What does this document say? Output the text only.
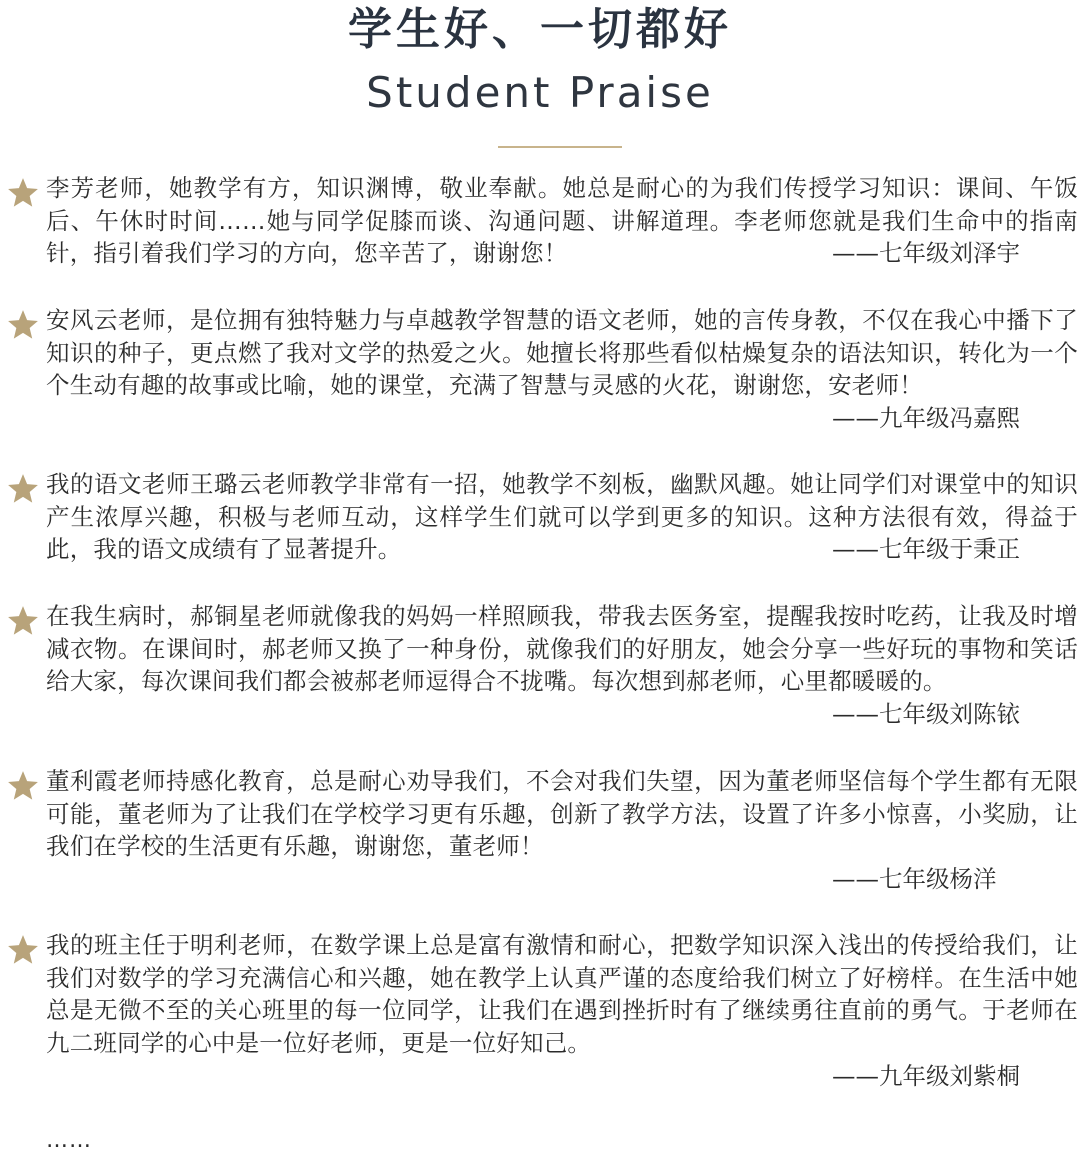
学生好、一切都好
Student Praise
李芳老师，她教学有方，知识渊博，敬业奉献。她总是耐心的为我们传授学习知识：课间、午饭后、午休时时间……她与同学促膝而谈、沟通问题、讲解道理。李老师您就是我们生命中的指南针，指引着我们学习的方向，您辛苦了，谢谢您！	——七年级刘泽宇
安风云老师，是位拥有独特魅力与卓越教学智慧的语文老师，她的言传身教，不仅在我心中播下了知识的种子，更点燃了我对文学的热爱之火。她擅长将那些看似枯燥复杂的语法知识，转化为一个个生动有趣的故事或比喻，她的课堂，充满了智慧与灵感的火花，谢谢您，安老师！
——九年级冯嘉熙
我的语文老师王璐云老师教学非常有一招，她教学不刻板，幽默风趣。她让同学们对课堂中的知识产生浓厚兴趣，积极与老师互动，这样学生们就可以学到更多的知识。这种方法很有效，得益于此，我的语文成绩有了显著提升。	——七年级于秉正
在我生病时，郝铜星老师就像我的妈妈一样照顾我，带我去医务室，提醒我按时吃药，让我及时增减衣物。在课间时，郝老师又换了一种身份，就像我们的好朋友，她会分享一些好玩的事物和笑话给大家，每次课间我们都会被郝老师逗得合不拢嘴。每次想到郝老师，心里都暖暖的。
——七年级刘陈铱
董利霞老师持感化教育，总是耐心劝导我们，不会对我们失望，因为董老师坚信每个学生都有无限可能，董老师为了让我们在学校学习更有乐趣，创新了教学方法，设置了许多小惊喜，小奖励，让我们在学校的生活更有乐趣，谢谢您，董老师！
——七年级杨洋
我的班主任于明利老师，在数学课上总是富有激情和耐心，把数学知识深入浅出的传授给我们，让我们对数学的学习充满信心和兴趣，她在教学上认真严谨的态度给我们树立了好榜样。在生活中她总是无微不至的关心班里的每一位同学，让我们在遇到挫折时有了继续勇往直前的勇气。于老师在九二班同学的心中是一位好老师，更是一位好知己。
——九年级刘紫桐
……
